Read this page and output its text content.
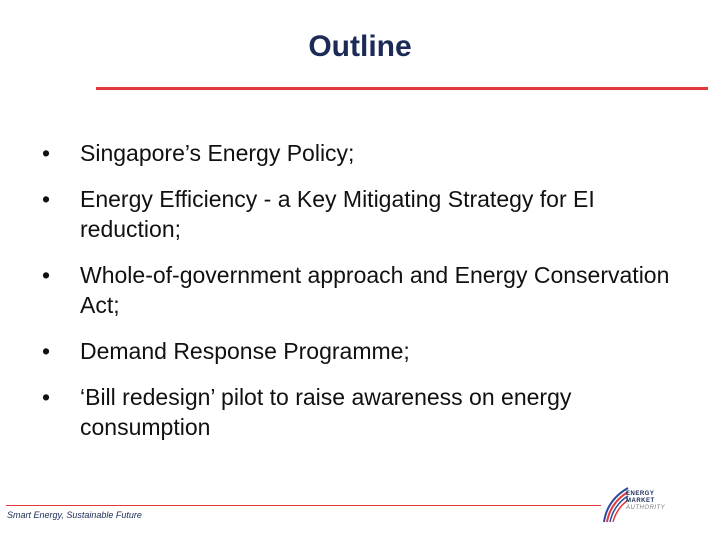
Outline
• Singapore’s Energy Policy;
• Energy Efficiency - a Key Mitigating Strategy for EI reduction;
• Whole-of-government approach and Energy Conservation Act;
• Demand Response Programme;
• ‘Bill redesign’ pilot to raise awareness on energy consumption
Smart Energy, Sustainable Future
ENERGY
MARKET
AUTHORITY
